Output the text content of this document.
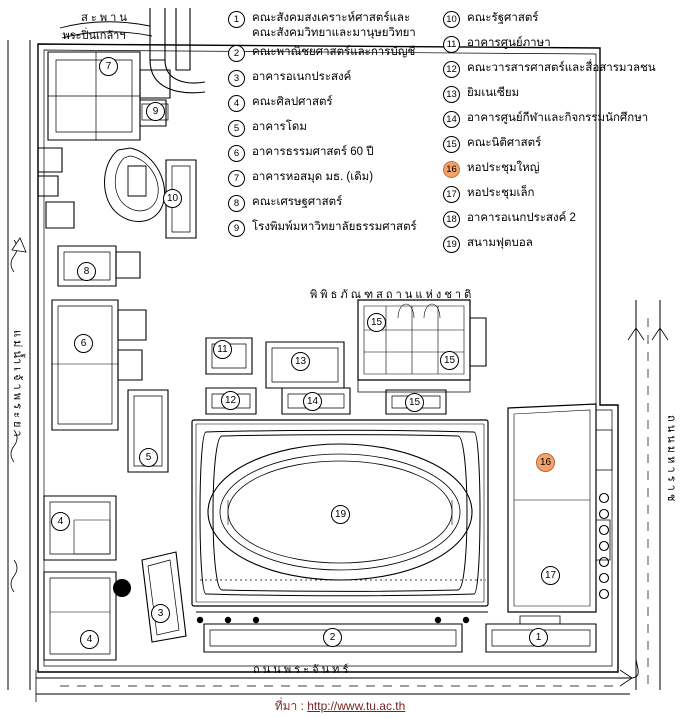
7
9
10
8
6
11
13
15
15
12	14	15
5	16
19
4
17
3
4	2	1
ส ะ พ า น
พระปิ่นเกล้าฯ
พิ พิ ธ ภั ณ ฑ ส ถ า น แ ห่ ง ช า ติ
แ ม่ น้ำ เ จ้ า พ ร ะ ย า
ถ น น ม ห า ร า ช
ถ น น พ ร ะ จั น ท ร์
1	คณะสังคมสงเคราะห์ศาสตร์และ
คณะสังคมวิทยาและมานุษยวิทยา
2	คณะพาณิชยศาสตร์และการบัญชี
3	อาคารอเนกประสงค์
4	คณะศิลปศาสตร์
5	อาคารโดม
6	อาคารธรรมศาสตร์ 60 ปี
7	อาคารหอสมุด มธ. (เดิม)
8	คณะเศรษฐศาสตร์
9	โรงพิมพ์มหาวิทยาลัยธรรมศาสตร์
10 คณะรัฐศาสตร์
11 อาคารศูนย์ภาษา
12 คณะวารสารศาสตร์และสื่อสารมวลชน
13 ยิมเนเซียม
14 อาคารศูนย์กีฬาและกิจกรรมนักศึกษา
15 คณะนิติศาสตร์
16 หอประชุมใหญ่
17 หอประชุมเล็ก
18 อาคารอเนกประสงค์ 2
19 สนามฟุตบอล
ที่มา : http://www.tu.ac.th
